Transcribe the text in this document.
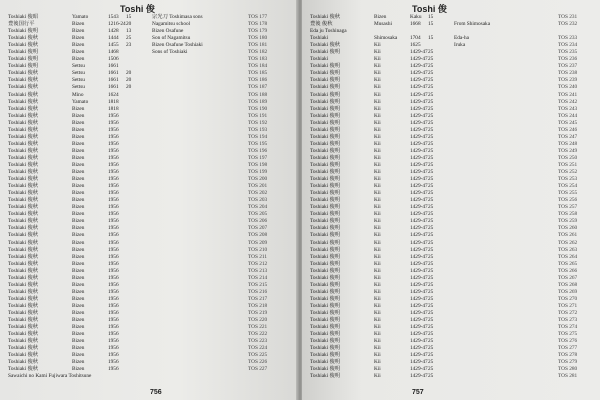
Toshi 俊
Toshiaki 俊昭	Yamato	1543 15	宗光刀 Toshimasa sons	TOS 177
豊後国行平	Bizen	1216-24 20	Nagamitsu school	TOS 178
Toshiaki 俊明	Bizen	1428 13	Bizen Osafune	TOS 179
Toshiaki 俊秋	Bizen	1444 25	Son of Nagamitsu	TOS 180
Toshiaki 俊秋	Bizen	1455 23	Bizen Osafune Toshiaki	TOS 181
Toshiaki 俊明	Bizen	1468	Sons of Toshiaki	TOS 182
Toshiaki 俊明	Bizen	1506	TOS 183
Toshiaki 俊明	Settsu	1661	TOS 184
Toshiaki 俊秋	Settsu	1661 20	TOS 185
Toshiaki 俊秋	Settsu	1661 20	TOS 186
Toshiaki 俊秋	Settsu	1661 20	TOS 187
Toshiaki 俊秋	Mino	1624	TOS 188
Toshiaki 俊秋	Yamato	1818	TOS 189
Toshiaki 俊秋	Bizen	1818	TOS 190
Toshiaki 俊秋	Bizen	1956	TOS 191
Toshiaki 俊秋	Bizen	1956	TOS 192
Toshiaki 俊秋	Bizen	1956	TOS 193
Toshiaki 俊秋	Bizen	1956	TOS 194
Toshiaki 俊秋	Bizen	1956	TOS 195
Toshiaki 俊秋	Bizen	1956	TOS 196
Toshiaki 俊秋	Bizen	1956	TOS 197
Toshiaki 俊秋	Bizen	1956	TOS 198
Toshiaki 俊秋	Bizen	1956	TOS 199
Toshiaki 俊秋	Bizen	1956	TOS 200
Toshiaki 俊秋	Bizen	1956	TOS 201
Toshiaki 俊秋	Bizen	1956	TOS 202
Toshiaki 俊秋	Bizen	1956	TOS 203
Toshiaki 俊秋	Bizen	1956	TOS 204
Toshiaki 俊秋	Bizen	1956	TOS 205
Toshiaki 俊秋	Bizen	1956	TOS 206
Toshiaki 俊秋	Bizen	1956	TOS 207
Toshiaki 俊秋	Bizen	1956	TOS 208
Toshiaki 俊秋	Bizen	1956	TOS 209
Toshiaki 俊秋	Bizen	1956	TOS 210
Toshiaki 俊秋	Bizen	1956	TOS 211
Toshiaki 俊秋	Bizen	1956	TOS 212
Toshiaki 俊秋	Bizen	1956	TOS 213
Toshiaki 俊秋	Bizen	1956	TOS 214
Toshiaki 俊秋	Bizen	1956	TOS 215
Toshiaki 俊秋	Bizen	1956	TOS 216
Toshiaki 俊秋	Bizen	1956	TOS 217
Toshiaki 俊秋	Bizen	1956	TOS 218
Toshiaki 俊秋	Bizen	1956	TOS 219
Toshiaki 俊秋	Bizen	1956	TOS 220
Toshiaki 俊秋	Bizen	1956	TOS 221
Toshiaki 俊秋	Bizen	1956	TOS 222
Toshiaki 俊秋	Bizen	1956	TOS 223
Toshiaki 俊秋	Bizen	1956	TOS 224
Toshiaki 俊秋	Bizen	1956	TOS 225
Toshiaki 俊秋	Bizen	1956	TOS 226
Toshiaki 俊秋	Bizen	1956	TOS 227
Sawaichi no Kami Fujiwara Toshitsune
756
Toshi 俊
Toshiaki 俊秋	Bizen	Kaku 15	TOS 231
豊後 俊秋	Musashi	1668 15	From Shimosaka	TOS 232
Eda ju Toshinaga
Toshiaki	Shimosaka 1704 15	Eda-ha	TOS 233
Toshiaki 俊秋	Kii	1625	Iruka	TOS 234
Toshiaki 俊明	Kii	1429-47 25	TOS 235
Toshiaki	Kii	1429-47 25	TOS 236
Toshiaki 俊明	Kii	1429-47 25	TOS 237
Toshiaki 俊明	Kii	1429-47 25	TOS 238
Toshiaki 俊明	Kii	1429-47 25	TOS 239
Toshiaki 俊明	Kii	1429-47 25	TOS 240
Toshiaki 俊明	Kii	1429-47 25	TOS 241
Toshiaki 俊明	Kii	1429-47 25	TOS 242
Toshiaki 俊明	Kii	1429-47 25	TOS 243
Toshiaki 俊明	Kii	1429-47 25	TOS 244
Toshiaki 俊明	Kii	1429-47 25	TOS 245
Toshiaki 俊明	Kii	1429-47 25	TOS 246
Toshiaki 俊明	Kii	1429-47 25	TOS 247
Toshiaki 俊明	Kii	1429-47 25	TOS 248
Toshiaki 俊明	Kii	1429-47 25	TOS 249
Toshiaki 俊明	Kii	1429-47 25	TOS 250
Toshiaki 俊明	Kii	1429-47 25	TOS 251
Toshiaki 俊明	Kii	1429-47 25	TOS 252
Toshiaki 俊明	Kii	1429-47 25	TOS 253
Toshiaki 俊明	Kii	1429-47 25	TOS 254
Toshiaki 俊明	Kii	1429-47 25	TOS 255
Toshiaki 俊明	Kii	1429-47 25	TOS 256
Toshiaki 俊明	Kii	1429-47 25	TOS 257
Toshiaki 俊明	Kii	1429-47 25	TOS 258
Toshiaki 俊明	Kii	1429-47 25	TOS 259
Toshiaki 俊明	Kii	1429-47 25	TOS 260
Toshiaki 俊明	Kii	1429-47 25	TOS 261
Toshiaki 俊明	Kii	1429-47 25	TOS 262
Toshiaki 俊明	Kii	1429-47 25	TOS 263
Toshiaki 俊明	Kii	1429-47 25	TOS 264
Toshiaki 俊明	Kii	1429-47 25	TOS 265
Toshiaki 俊明	Kii	1429-47 25	TOS 266
Toshiaki 俊明	Kii	1429-47 25	TOS 267
Toshiaki 俊明	Kii	1429-47 25	TOS 268
Toshiaki 俊明	Kii	1429-47 25	TOS 269
Toshiaki 俊明	Kii	1429-47 25	TOS 270
Toshiaki 俊明	Kii	1429-47 25	TOS 271
Toshiaki 俊明	Kii	1429-47 25	TOS 272
Toshiaki 俊明	Kii	1429-47 25	TOS 273
Toshiaki 俊明	Kii	1429-47 25	TOS 274
Toshiaki 俊明	Kii	1429-47 25	TOS 275
Toshiaki 俊明	Kii	1429-47 25	TOS 276
Toshiaki 俊明	Kii	1429-47 25	TOS 277
Toshiaki 俊明	Kii	1429-47 25	TOS 278
Toshiaki 俊明	Kii	1429-47 25	TOS 279
Toshiaki 俊明	Kii	1429-47 25	TOS 280
Toshiaki 俊明	Kii	1429-47 25	TOS 281
757
